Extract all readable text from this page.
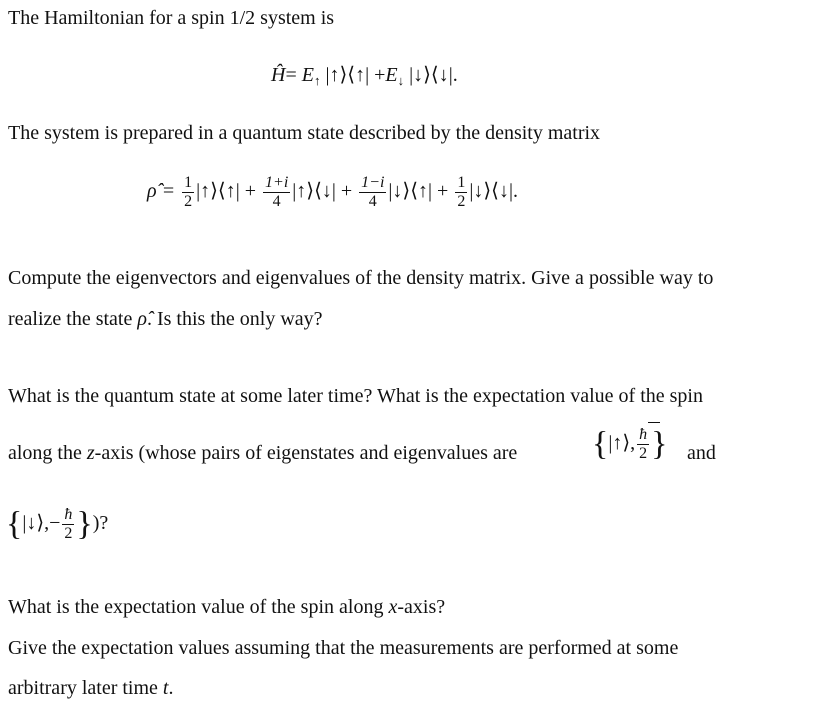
The Hamiltonian for a spin 1/2 system is
Ĥ= $E_↑$ |↑⟩⟨↑| $+E_↓$ |↓⟩⟨↓|.
The system is prepared in a quantum state described by the density matrix
ρ̂ = $\frac{1}{2}$ |↑⟩⟨↑| + $\frac{1+i}{4}$ |↑⟩⟨↓| + $\frac{1-i}{4}$ |↓⟩⟨↑| + $\frac{1}{2}$ |↓⟩⟨↓|.
Compute the eigenvectors and eigenvalues of the density matrix. Give a possible way to
realize the state ρ̂. Is this the only way?
What is the quantum state at some later time? What is the expectation value of the spin
along the z-axis (whose pairs of eigenstates and eigenvalues are {|↑⟩, $\frac{ħ}{2}$ } and
{|↓⟩,− $\frac{ħ}{2}$ })?
What is the expectation value of the spin along x-axis?
Give the expectation values assuming that the measurements are performed at some
arbitrary later time t.
